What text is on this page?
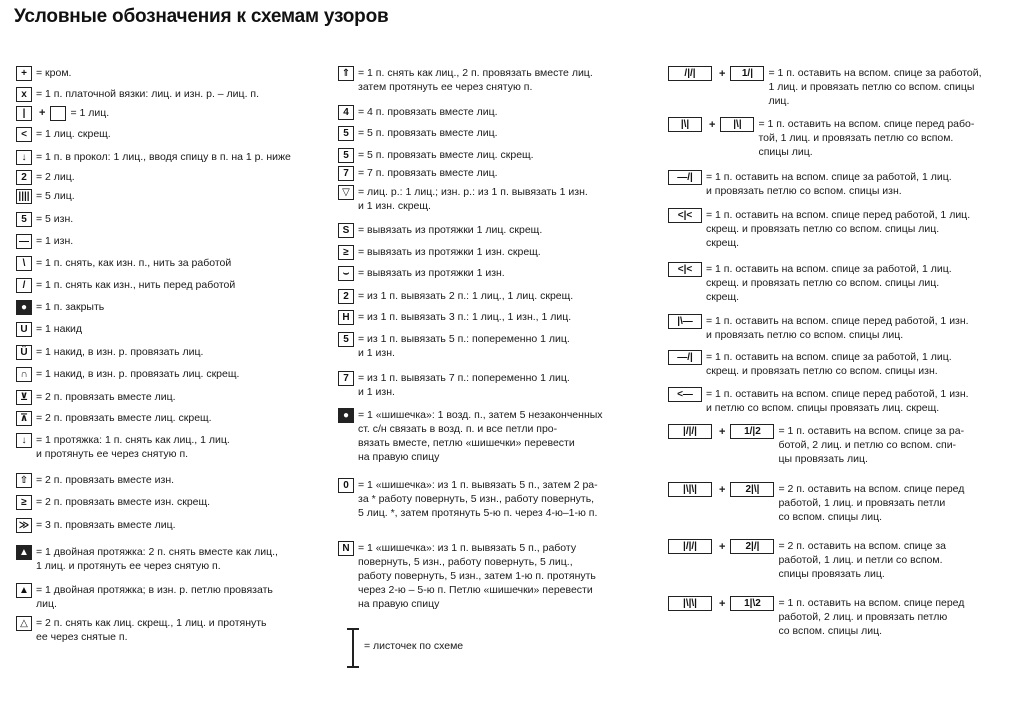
Условные обозначения к схемам узоров
+ = кром.
x = 1 п. платочной вязки: лиц. и изн. р. – лиц. п.
|	+ = 1 лиц.
< = 1 лиц. скрещ.
↓ = 1 п. в прокол: 1 лиц., вводя спицу в п. на 1 р. ниже
2 = 2 лиц.
|||| = 5 лиц.
5 = 5 изн.
— = 1 изн.
\	= 1 п. снять, как изн. п., нить за работой
/	= 1 п. снять как изн., нить перед работой
● = 1 п. закрыть
U = 1 накид
Ü = 1 накид, в изн. р. провязать лиц.
∩ = 1 накид, в изн. р. провязать лиц. скрещ.
⊻ = 2 п. провязать вместе лиц.
⊼ = 2 п. провязать вместе лиц. скрещ.
↓ = 1 протяжка: 1 п. снять как лиц., 1 лиц.
и протянуть ее через снятую п.
⇧ = 2 п. провязать вместе изн.
≥ = 2 п. провязать вместе изн. скрещ.
≫ = 3 п. провязать вместе лиц.
▲ = 1 двойная протяжка: 2 п. снять вместе как лиц.,
1 лиц. и протянуть ее через снятую п.
▲ = 1 двойная протяжка; в изн. р. петлю провязать
лиц.
△ = 2 п. снять как лиц. скрещ., 1 лиц. и протянуть
ее через снятые п.
⇑ = 1 п. снять как лиц., 2 п. провязать вместе лиц.
затем протянуть ее через снятую п.
4 = 4 п. провязать вместе лиц.
5 = 5 п. провязать вместе лиц.
5 = 5 п. провязать вместе лиц. скрещ.
7 = 7 п. провязать вместе лиц.
▽ = лиц. р.: 1 лиц.; изн. р.: из 1 п. вывязать 1 изн.
и 1 изн. скрещ.
S = вывязать из протяжки 1 лиц. скрещ.
≥ = вывязать из протяжки 1 изн. скрещ.
⌣ = вывязать из протяжки 1 изн.
2 = из 1 п. вывязать 2 п.: 1 лиц., 1 лиц. скрещ.
H = из 1 п. вывязать 3 п.: 1 лиц., 1 изн., 1 лиц.
5 = из 1 п. вывязать 5 п.: попеременно 1 лиц.
и 1 изн.
7 = из 1 п. вывязать 7 п.: попеременно 1 лиц.
и 1 изн.
● = 1 «шишечка»: 1 возд. п., затем 5 незаконченных
ст. с/н связать в возд. п. и все петли про-
вязать вместе, петлю «шишечки» перевести
на правую спицу
0 = 1 «шишечка»: из 1 п. вывязать 5 п., затем 2 ра-
за * работу повернуть, 5 изн., работу повернуть,
5 лиц. *, затем протянуть 5-ю п. через 4-ю–1-ю п.
N = 1 «шишечка»: из 1 п. вывязать 5 п., работу
повернуть, 5 изн., работу повернуть, 5 лиц.,
работу повернуть, 5 изн., затем 1-ю п. протянуть
через 2-ю – 5-ю п. Петлю «шишечки» перевести
на правую спицу
/|/|	+	1/|	= 1 п. оставить на вспом. спице за работой,
1 лиц. и провязать петлю со вспом. спицы
лиц.
|\|	+	|\|	= 1 п. оставить на вспом. спице перед рабо-
той, 1 лиц. и провязать петлю со вспом.
спицы лиц.
—/|	= 1 п. оставить на вспом. спице за работой, 1 лиц.
и провязать петлю со вспом. спицы изн.
<|<	= 1 п. оставить на вспом. спице перед работой, 1 лиц.
скрещ. и провязать петлю со вспом. спицы лиц.
скрещ.
<|<	= 1 п. оставить на вспом. спице за работой, 1 лиц.
скрещ. и провязать петлю со вспом. спицы лиц.
скрещ.
|\—	= 1 п. оставить на вспом. спице перед работой, 1 изн.
и провязать петлю со вспом. спицы лиц.
—/|	= 1 п. оставить на вспом. спице за работой, 1 лиц.
скрещ. и провязать петлю со вспом. спицы изн.
<—	= 1 п. оставить на вспом. спице перед работой, 1 изн.
и петлю со вспом. спицы провязать лиц. скрещ.
|/|/|	+	1/|2	= 1 п. оставить на вспом. спице за ра-
ботой, 2 лиц. и петлю со вспом. спи-
цы провязать лиц.
|\|\|	+	2|\|	= 2 п. оставить на вспом. спице перед
работой, 1 лиц. и провязать петли
со вспом. спицы лиц.
|/|/|	+	2|/|	= 2 п. оставить на вспом. спице за
работой, 1 лиц. и петли со вспом.
спицы провязать лиц.
|\|\|	+	1|\2	= 1 п. оставить на вспом. спице перед
работой, 2 лиц. и провязать петлю
со вспом. спицы лиц.
= листочек по схеме
